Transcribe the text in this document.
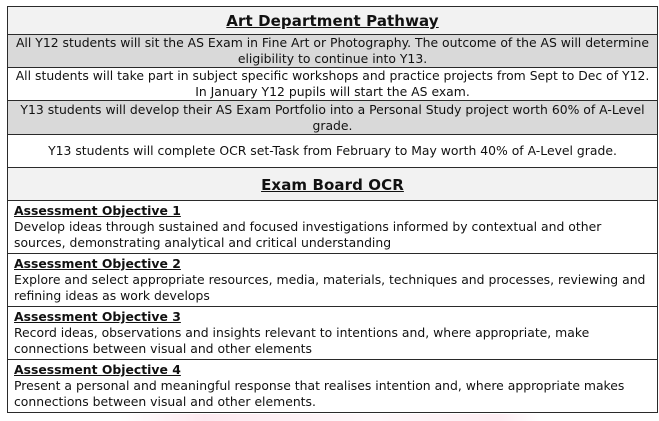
Art Department Pathway
All Y12 students will sit the AS Exam in Fine Art or Photography. The outcome of the AS will determine eligibility to continue into Y13.
All students will take part in subject specific workshops and practice projects from Sept to Dec of Y12. In January Y12 pupils will start the AS exam.
Y13 students will develop their AS Exam Portfolio into a Personal Study project worth 60% of A-Level grade.
Y13 students will complete OCR set-Task from February to May worth 40% of A-Level grade.
Exam Board OCR

Assessment Objective 1
Develop ideas through sustained and focused investigations informed by contextual and other sources, demonstrating analytical and critical understanding

Assessment Objective 2
Explore and select appropriate resources, media, materials, techniques and processes, reviewing and refining ideas as work develops

Assessment Objective 3
Record ideas, observations and insights relevant to intentions and, where appropriate, make connections between visual and other elements

Assessment Objective 4
Present a personal and meaningful response that realises intention and, where appropriate makes connections between visual and other elements.
